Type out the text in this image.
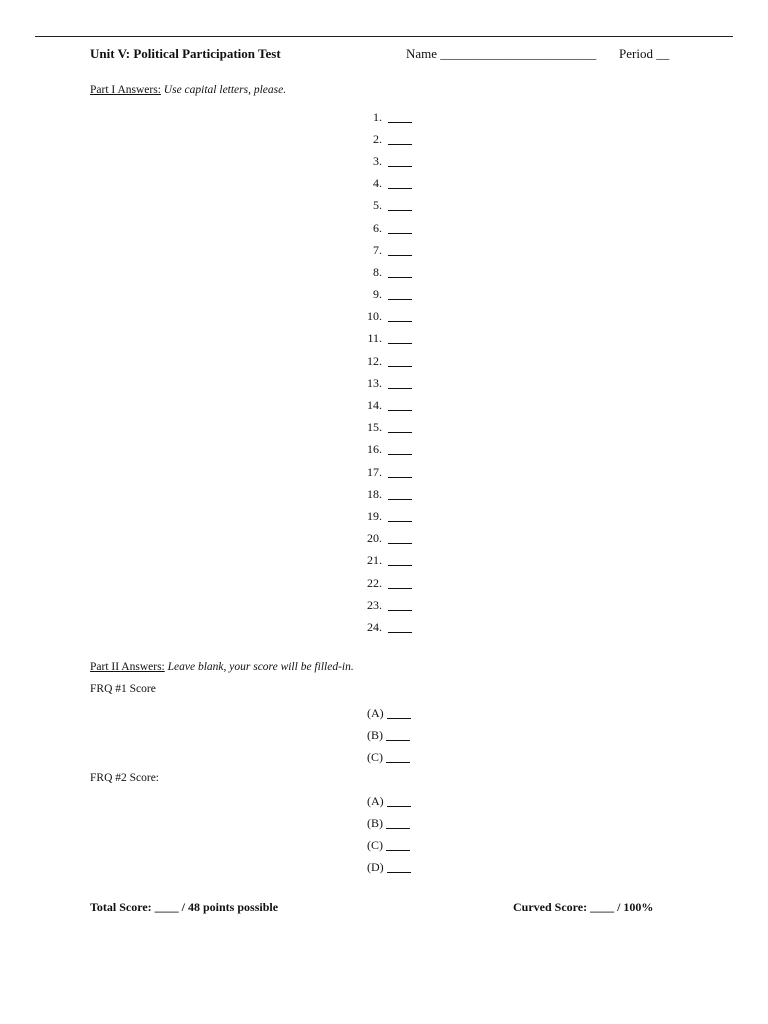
Unit V: Political Participation Test	Name ________________________ Period __
Part I Answers: Use capital letters, please.
1.
2.
3.
4.
5.
6.
7.
8.
9.
10.
11.
12.
13.
14.
15.
16.
17.
18.
19.
20.
21.
22.
23.
24.
Part II Answers: Leave blank, your score will be filled-in.
FRQ #1 Score
(A)
(B)
(C)
FRQ #2 Score:
(A)
(B)
(C)
(D)
Total Score: ____ / 48 points possible	Curved Score: ____ / 100%
